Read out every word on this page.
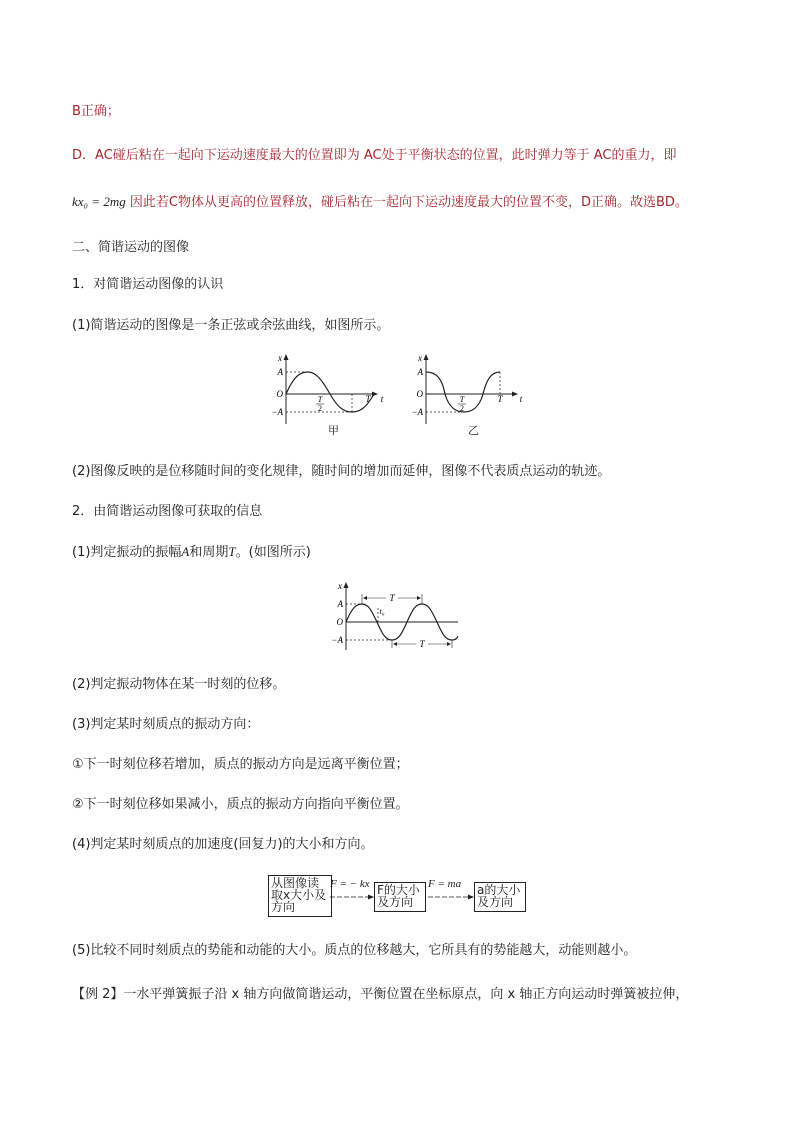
B正确；
D．AC碰后粘在一起向下运动速度最大的位置即为 AC处于平衡状态的位置，此时弹力等于 AC的重力，即
kx₀ = 2mg 因此若C物体从更高的位置释放，碰后粘在一起向下运动速度最大的位置不变，D正确。故选BD。
二、简谐运动的图像
1．对简谐运动图像的认识
(1)简谐运动的图像是一条正弦或余弦曲线，如图所示。
x
A
O
−A
T
2
T t
甲
x
A
O
−A
T
2
T t
乙
(2)图像反映的是位移随时间的变化规律，随时间的增加而延伸，图像不代表质点运动的轨迹。
2．由简谐运动图像可获取的信息
(1)判定振动的振幅A和周期T。(如图所示)
x
A
O
−A
t₀
T
T
(2)判定振动物体在某一时刻的位移。
(3)判定某时刻质点的振动方向：
①下一时刻位移若增加，质点的振动方向是远离平衡位置；
②下一时刻位移如果减小，质点的振动方向指向平衡位置。
(4)判定某时刻质点的加速度(回复力)的大小和方向。
从图像读取x大小及方向
F = − kx F的大小及方向
F = ma a的大小及方向
(5)比较不同时刻质点的势能和动能的大小。质点的位移越大，它所具有的势能越大，动能则越小。
【例 2】一水平弹簧振子沿 x 轴方向做简谐运动，平衡位置在坐标原点，向 x 轴正方向运动时弹簧被拉伸，
